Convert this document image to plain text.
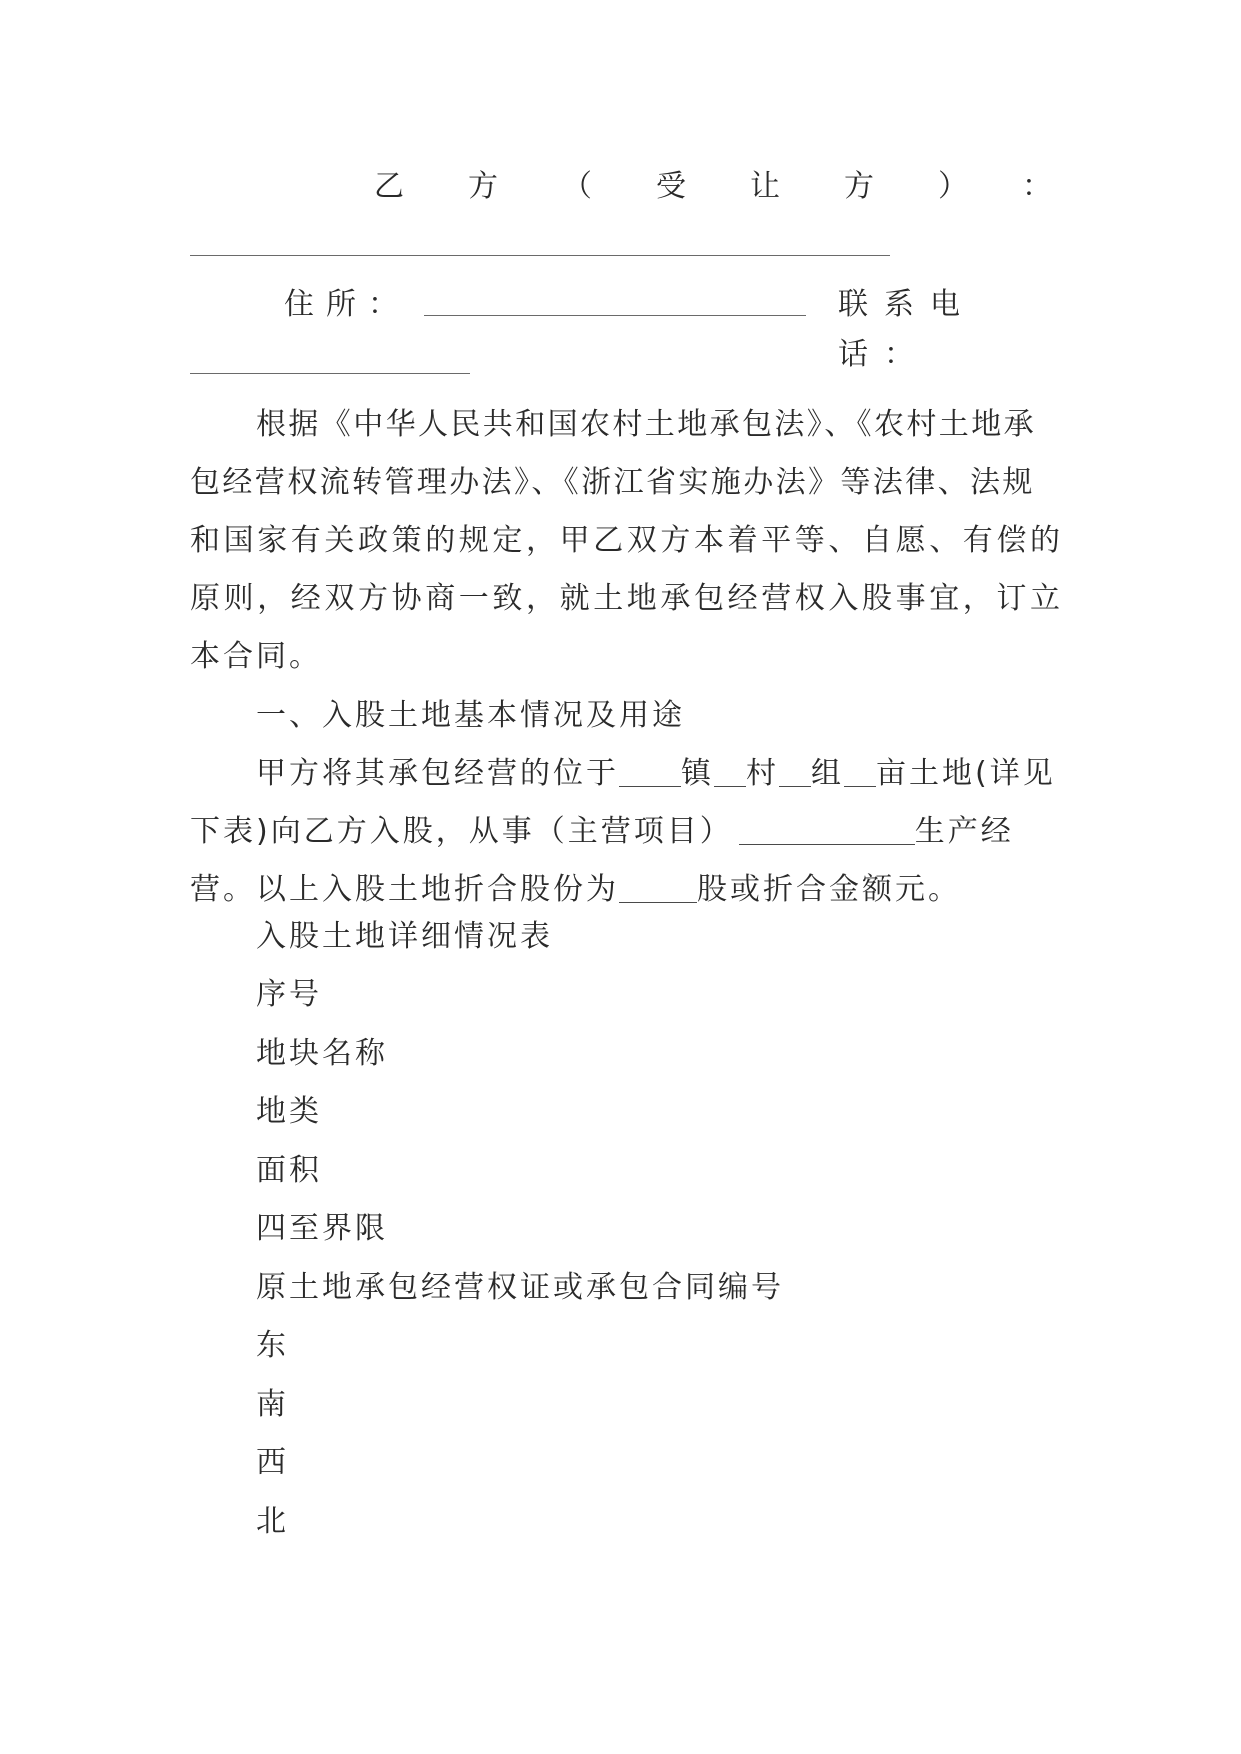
乙 方 （ 受 让 方 ） ：
住所：	联系电话：

根据《中华人民共和国农村土地承包法》、《农村土地承
包经营权流转管理办法》、《浙江省实施办法》等法律、法规
和国家有关政策的规定，甲乙双方本着平等、自愿、有偿的
原则，经双方协商一致，就土地承包经营权入股事宜，订立
本合同。

一、入股土地基本情况及用途

甲方将其承包经营的位于 镇 村 组 亩土地(详见
下表)向乙方入股，从事（主营项目）	生产经
营。以上入股土地折合股份为	股或折合金额元。

入股土地详细情况表

序号
地块名称
地类
面积
四至界限
原土地承包经营权证或承包合同编号
东
南
西
北
